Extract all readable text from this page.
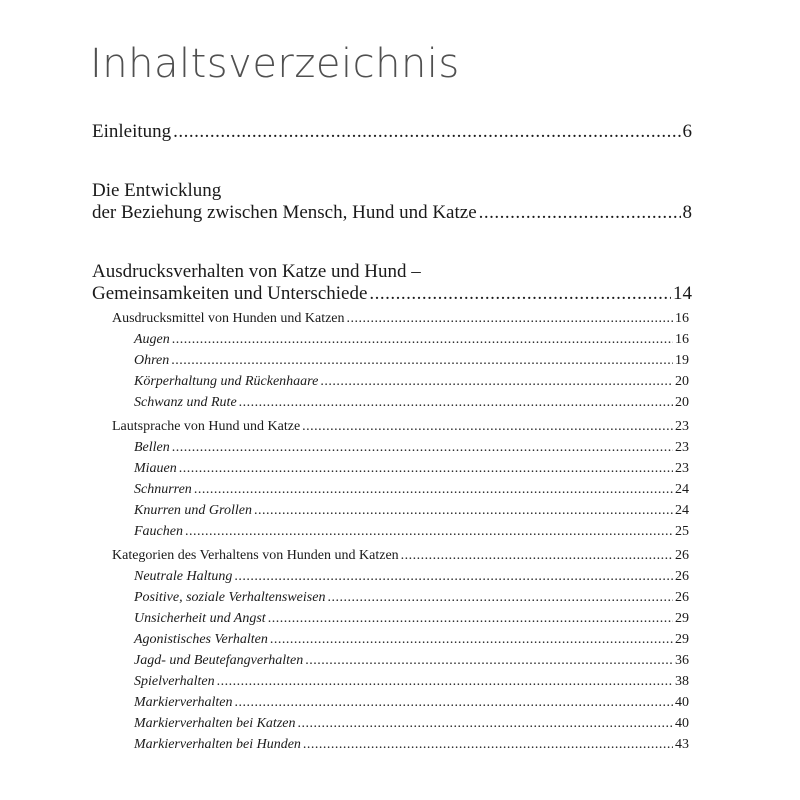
Inhaltsverzeichnis
Einleitung .....	6
Die Entwicklung
der Beziehung zwischen Mensch, Hund und Katze .....	8
Ausdrucksverhalten von Katze und Hund –
Gemeinsamkeiten und Unterschiede .....	14
Ausdrucksmittel von Hunden und Katzen .....	16
Augen .....	16
Ohren .....	19
Körperhaltung und Rückenhaare .....	20
Schwanz und Rute .....	20
Lautsprache von Hund und Katze .....	23
Bellen .....	23
Miauen .....	23
Schnurren .....	24
Knurren und Grollen .....	24
Fauchen .....	25
Kategorien des Verhaltens von Hunden und Katzen .....	26
Neutrale Haltung .....	26
Positive, soziale Verhaltensweisen .....	26
Unsicherheit und Angst .....	29
Agonistisches Verhalten .....	29
Jagd- und Beutefangverhalten .....	36
Spielverhalten .....	38
Markierverhalten .....	40
Markierverhalten bei Katzen .....	40
Markierverhalten bei Hunden .....	43
